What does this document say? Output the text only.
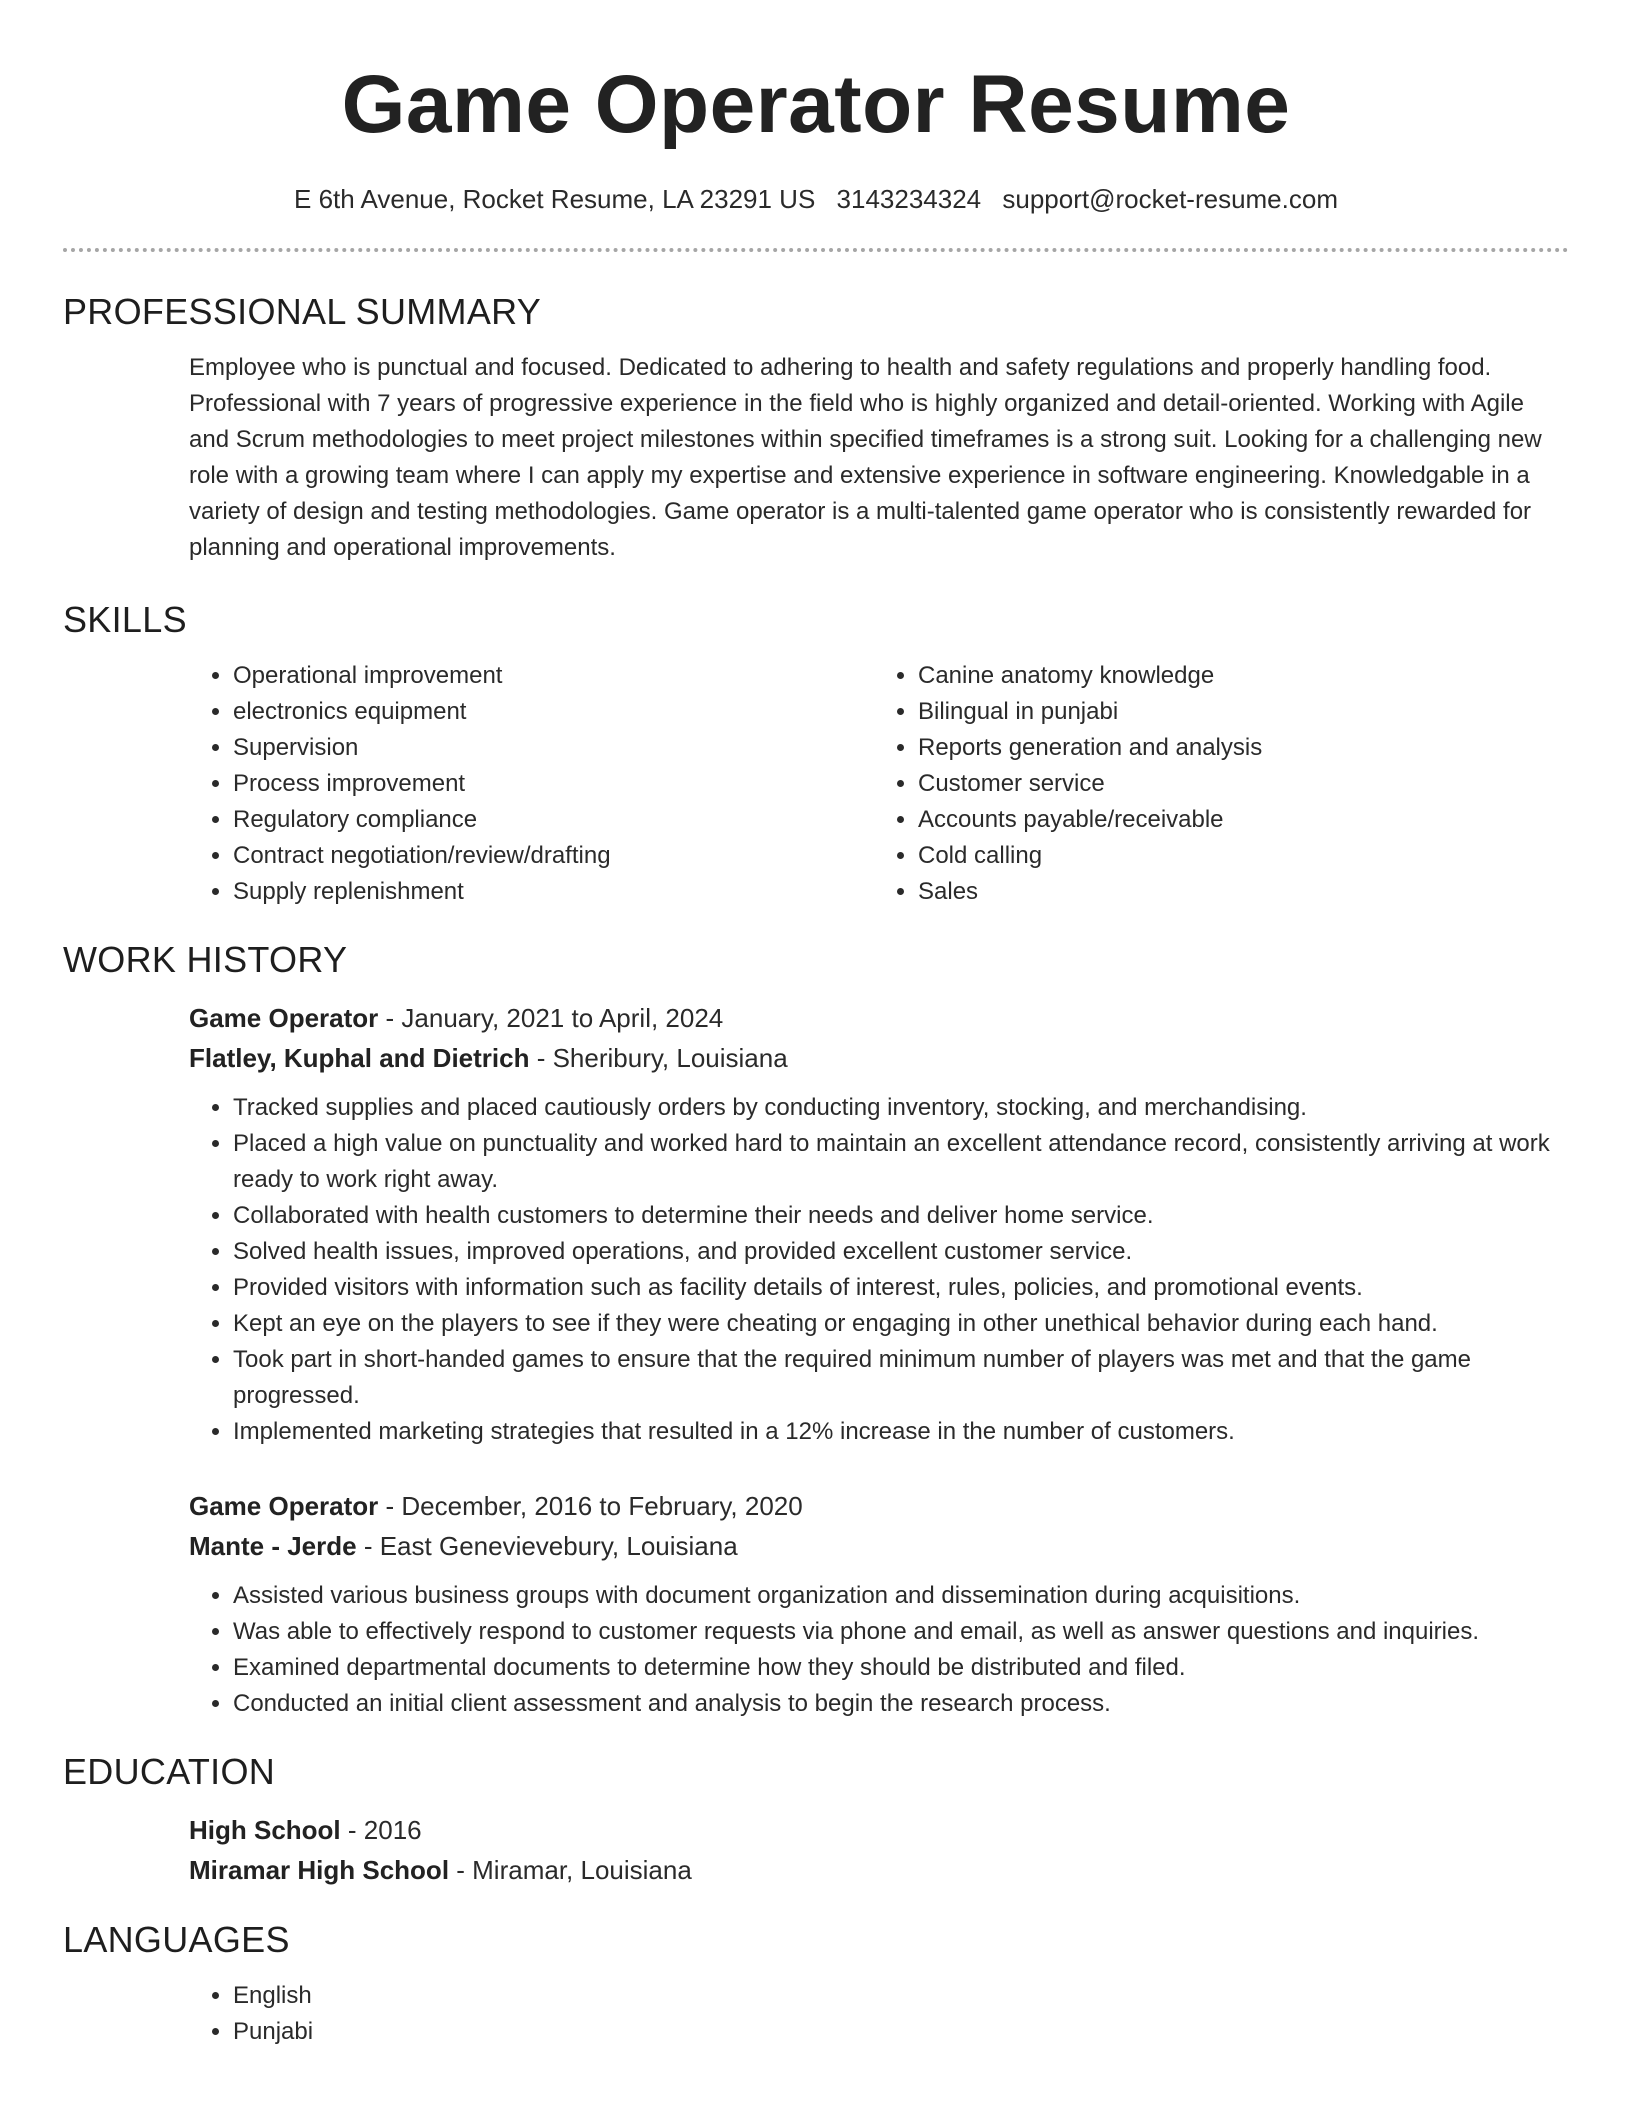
Game Operator Resume
E 6th Avenue, Rocket Resume, LA 23291 US 3143234324 support@rocket-resume.com
PROFESSIONAL SUMMARY

Employee who is punctual and focused. Dedicated to adhering to health and safety regulations and properly handling food. Professional with 7 years of progressive experience in the field who is highly organized and detail-oriented. Working with Agile and Scrum methodologies to meet project milestones within specified timeframes is a strong suit. Looking for a challenging new role with a growing team where I can apply my expertise and extensive experience in software engineering. Knowledgable in a variety of design and testing methodologies. Game operator is a multi-talented game operator who is consistently rewarded for planning and operational improvements.

SKILLS
• Operational improvement
• electronics equipment
• Supervision
• Process improvement
• Regulatory compliance
• Contract negotiation/review/drafting
• Supply replenishment
• Canine anatomy knowledge
• Bilingual in punjabi
• Reports generation and analysis
• Customer service
• Accounts payable/receivable
• Cold calling
• Sales
WORK HISTORY
Game Operator - January, 2021 to April, 2024
Flatley, Kuphal and Dietrich - Sheribury, Louisiana
• Tracked supplies and placed cautiously orders by conducting inventory, stocking, and merchandising.
• Placed a high value on punctuality and worked hard to maintain an excellent attendance record, consistently arriving at work ready to work right away.
• Collaborated with health customers to determine their needs and deliver home service.
• Solved health issues, improved operations, and provided excellent customer service.
• Provided visitors with information such as facility details of interest, rules, policies, and promotional events.
• Kept an eye on the players to see if they were cheating or engaging in other unethical behavior during each hand.
• Took part in short-handed games to ensure that the required minimum number of players was met and that the game progressed.
• Implemented marketing strategies that resulted in a 12% increase in the number of customers.
Game Operator - December, 2016 to February, 2020
Mante - Jerde - East Genevievebury, Louisiana
• Assisted various business groups with document organization and dissemination during acquisitions.
• Was able to effectively respond to customer requests via phone and email, as well as answer questions and inquiries.
• Examined departmental documents to determine how they should be distributed and filed.
• Conducted an initial client assessment and analysis to begin the research process.
EDUCATION
High School - 2016
Miramar High School - Miramar, Louisiana
LANGUAGES
• English
• Punjabi
